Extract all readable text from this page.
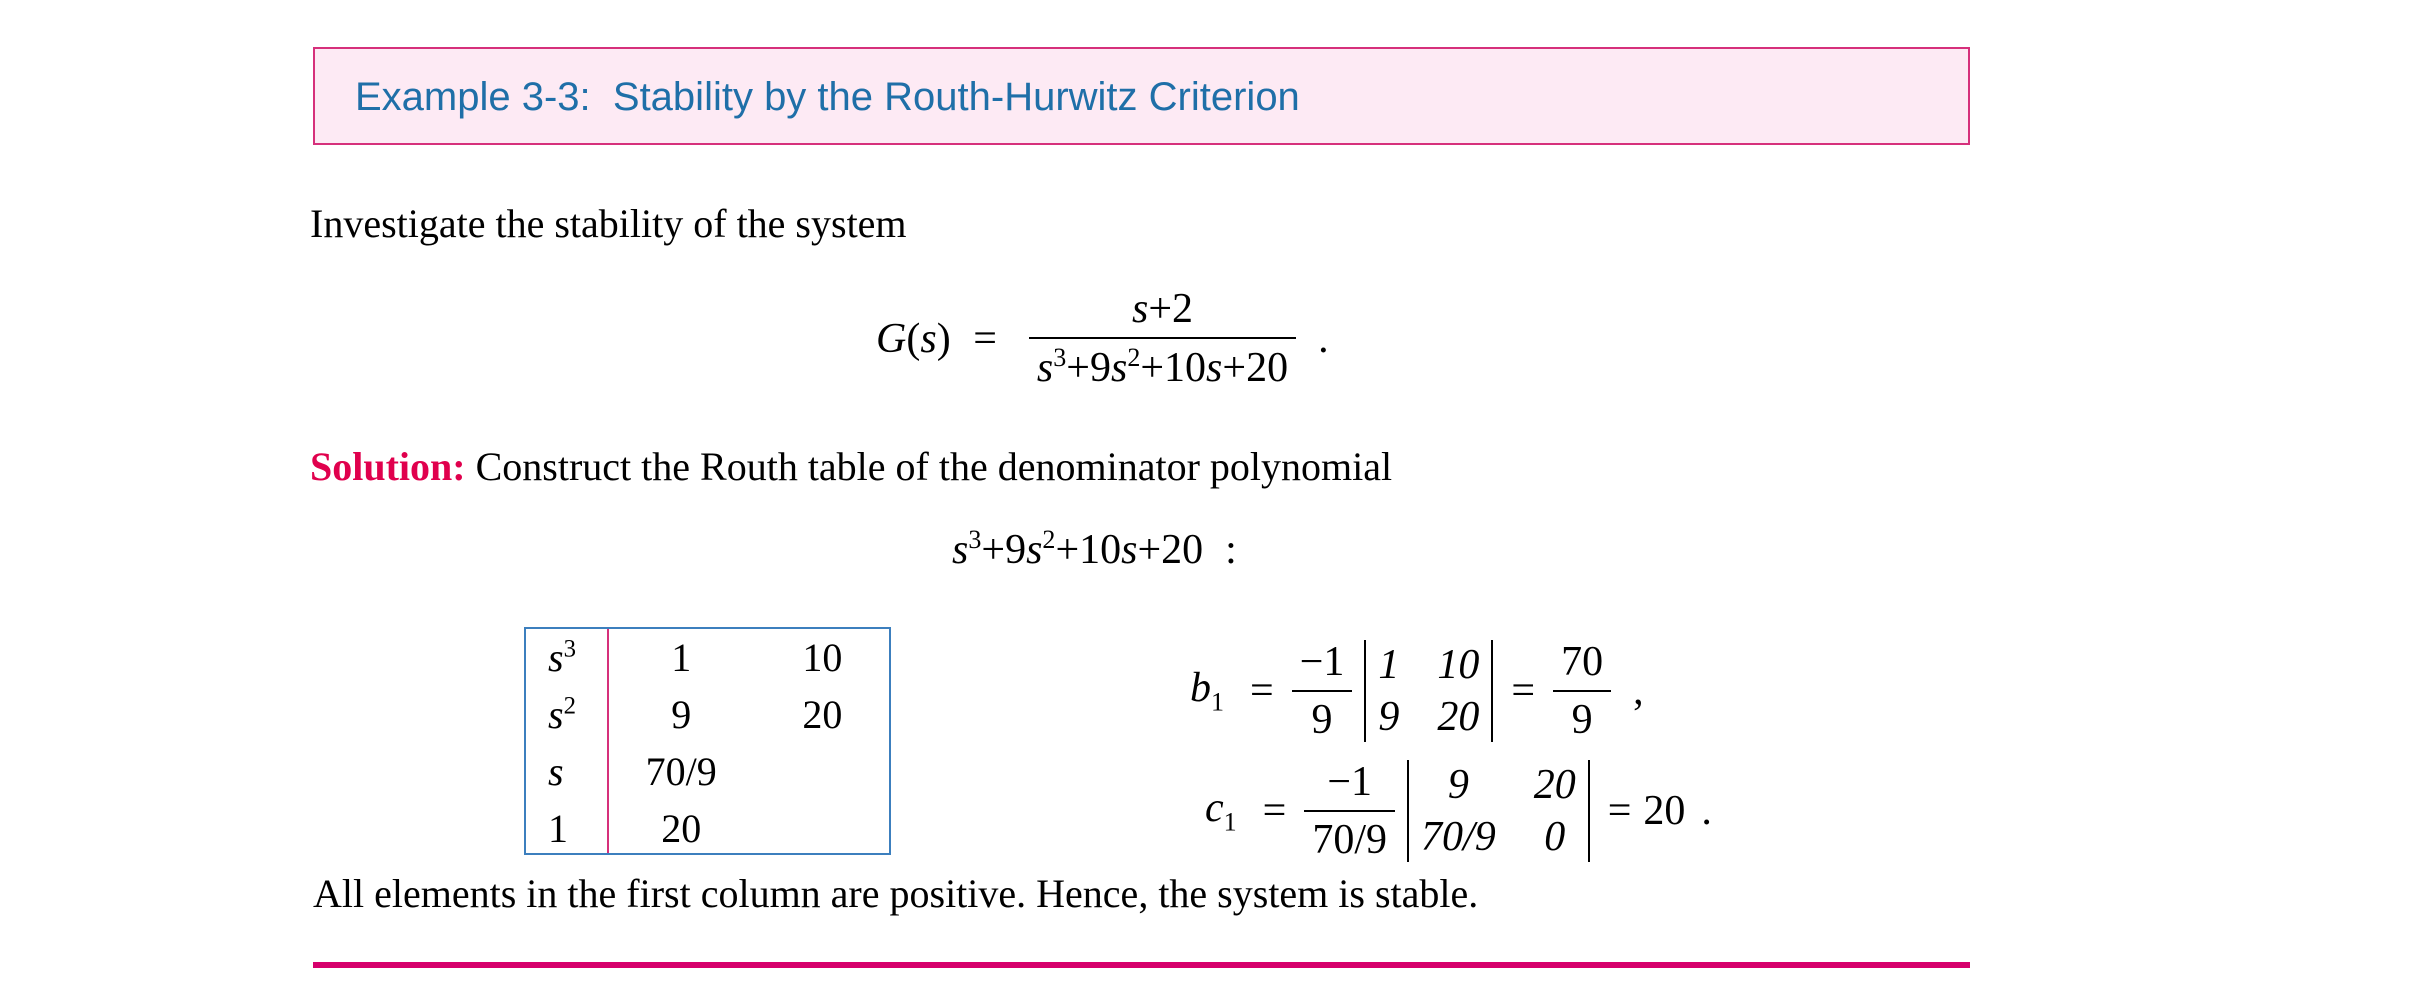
Example 3-3:  Stability by the Routh-Hurwitz Criterion
Investigate the stability of the system
$G(s) = \frac{s+2}{s^3+9s^2+10s+20}$ .
Solution: Construct the Routh table of the denominator polynomial
$s^3+9s^2+10s+20$ :
$s^3$	1	10
$s^2$	9	20
s	70/9
1	20
$b_1 = \frac{-1}{9} 1$ 10
9 20
= $\frac{70}{9}$ ,
$c_1 = \frac{-1}{70/9}$	9	20
70/9 0
= 20 .
All elements in the first column are positive. Hence, the system is stable.
